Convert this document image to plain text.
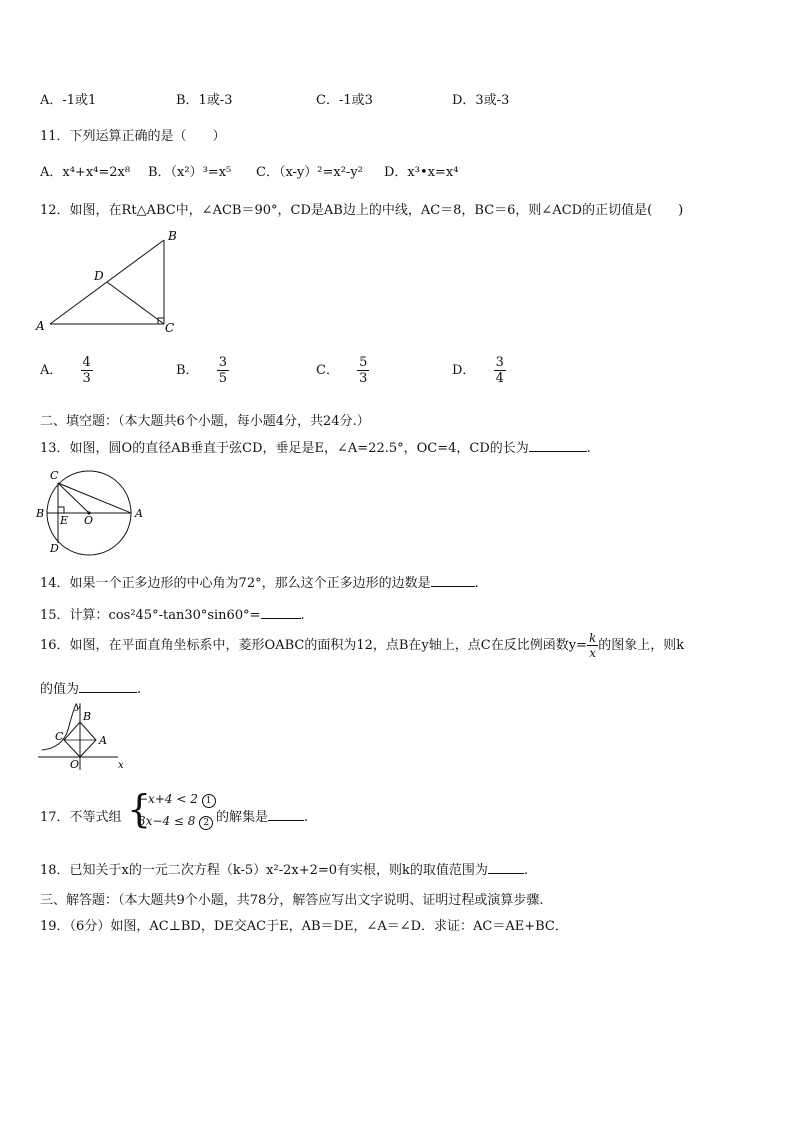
A．-1或1	B．1或-3	C．-1或3	D．3或-3
11．下列运算正确的是（　　）
A．x⁴+x⁴=2x⁸ B．（x²）³=x⁵ C．（x-y）²=x²-y² D．x³•x=x⁴
12．如图，在Rt△ABC中，∠ACB＝90°，CD是AB边上的中线，AC＝8，BC＝6，则∠ACD的正切值是(　　)
A
B
C
D
A． $\frac{4}{3}$	B． $\frac{3}{5}$	C． $\frac{5}{3}$	D． $\frac{3}{4}$
二、填空题：（本大题共6个小题，每小题4分，共24分.）
13．如图，圆O的直径AB垂直于弦CD，垂足是E，∠A=22.5°，OC=4，CD的长为	.
C
B
E O
A
D
14．如果一个正多边形的中心角为72°，那么这个正多边形的边数是	.
15．计算：cos²45°-tan30°sin60°=	.
16．如图，在平面直角坐标系中，菱形OABC的面积为12，点B在y轴上，点C在反比例函数$y= \frac{k}{x}$ 的图象上，则k
的值为	.
y
B
C	A
O	x
17．不等式组 {
−x+4 < 2 1
3x−4 ≤ 8 2 的解集是	.
18．已知关于x的一元二次方程（k-5）x²-2x+2=0有实根，则k的取值范围为	.
三、解答题：（本大题共9个小题，共78分，解答应写出文字说明、证明过程或演算步骤.
19．（6分）如图，AC⊥BD，DE交AC于E，AB＝DE，∠A＝∠D．求证：AC＝AE+BC．
